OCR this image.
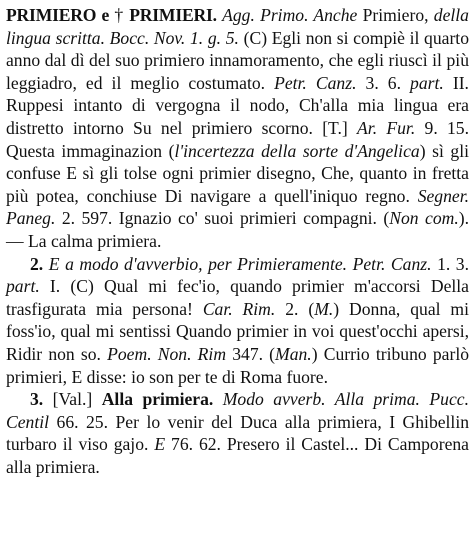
PRIMIERO e † PRIMIERI. Agg. Primo. Anche Primiero, della lingua scritta. Bocc. Nov. 1. g. 5. (C) Egli non si compiè il quarto anno dal dì del suo primiero innamoramento, che egli riuscì il più leggiadro, ed il meglio costumato. Petr. Canz. 3. 6. part. II. Ruppesi intanto di vergogna il nodo, Ch'alla mia lingua era distretto intorno Su nel primiero scorno. [T.] Ar. Fur. 9. 15. Questa immaginazion (l'incertezza della sorte d'Angelica) sì gli confuse E sì gli tolse ogni primier disegno, Che, quanto in fretta più potea, conchiuse Di navigare a quell'iniquo regno. Segner. Paneg. 2. 597. Ignazio co' suoi primieri compagni. (Non com.). — La calma primiera.

2. E a modo d'avverbio, per Primieramente. Petr. Canz. 1. 3. part. I. (C) Qual mi fec'io, quando primier m'accorsi Della trasfigurata mia persona! Car. Rim. 2. (M.) Donna, qual mi foss'io, qual mi sentissi Quando primier in voi quest'occhi apersi, Ridir non so. Poem. Non. Rim 347. (Man.) Currio tribuno parlò primieri, E disse: io son per te di Roma fuore.

3. [Val.] Alla primiera. Modo avverb. Alla prima. Pucc. Centil 66. 25. Per lo venir del Duca alla primiera, I Ghibellin turbaro il viso gajo. E 76. 62. Presero il Castel... Di Camporena alla primiera.
